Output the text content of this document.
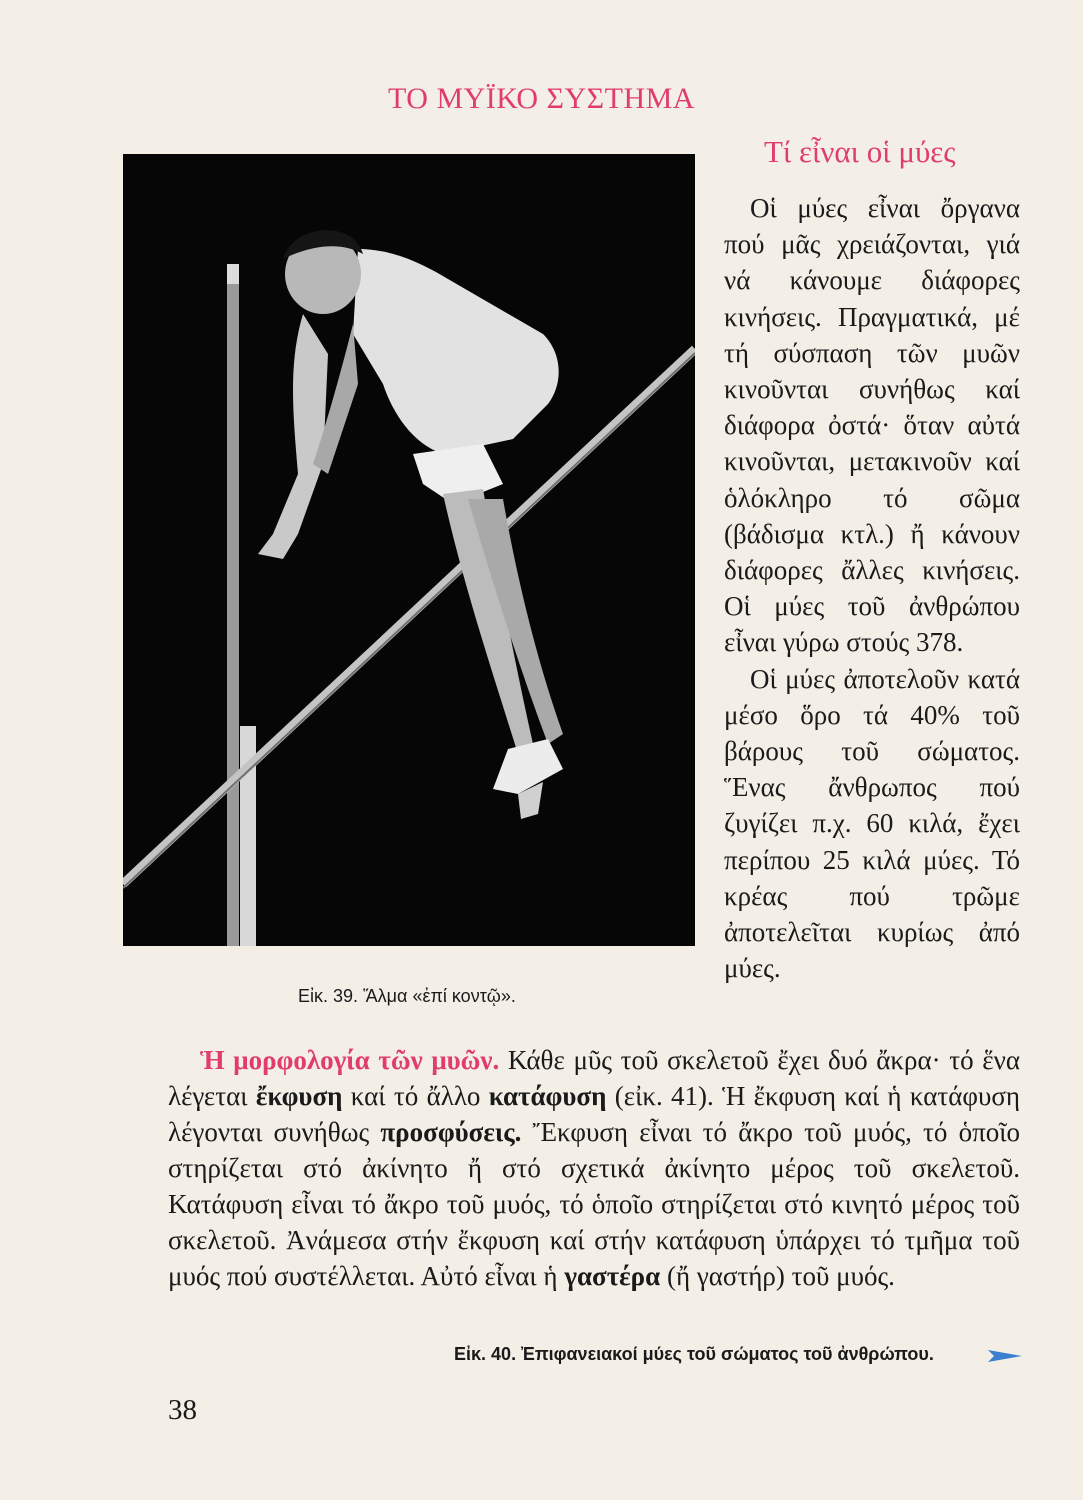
ΤΟ ΜΥΪΚΟ ΣΥΣΤΗΜΑ
Εἰκ. 39. Ἅλμα «ἐπί κοντῷ».
Τί εἶναι οἱ μύες

Οἱ μύες εἶναι ὄργανα πού μᾶς χρειάζονται, γιά νά κάνουμε διάφορες κινήσεις. Πραγματικά, μέ τή σύσπαση τῶν μυῶν κινοῦνται συνήθως καί διάφορα ὀστά· ὅταν αὐτά κινοῦνται, μετακινοῦν καί ὁλόκληρο τό σῶμα (βάδισμα κτλ.) ἤ κάνουν διάφορες ἄλλες κινήσεις. Οἱ μύες τοῦ ἀνθρώπου εἶναι γύρω στούς 378.

Οἱ μύες ἀποτελοῦν κατά μέσο ὅρο τά 40% τοῦ βάρους τοῦ σώματος. Ἕνας ἄνθρωπος πού ζυγίζει π.χ. 60 κιλά, ἔχει περίπου 25 κιλά μύες. Τό κρέας πού τρῶμε ἀποτελεῖται κυρίως ἀπό μύες.

Ἡ μορφολογία τῶν μυῶν. Κάθε μῦς τοῦ σκελετοῦ ἔχει δυό ἄκρα· τό ἕνα λέγεται ἔκφυση καί τό ἄλλο κατάφυση (εἰκ. 41). Ἡ ἔκφυση καί ἡ κατάφυση λέγονται συνήθως προσφύσεις. Ἔκφυση εἶναι τό ἄκρο τοῦ μυός, τό ὁποῖο στηρίζεται στό ἀκίνητο ἤ στό σχετικά ἀκίνητο μέρος τοῦ σκελετοῦ. Κατάφυση εἶναι τό ἄκρο τοῦ μυός, τό ὁποῖο στηρίζεται στό κινητό μέρος τοῦ σκελετοῦ. Ἀνάμεσα στήν ἔκφυση καί στήν κατάφυση ὑπάρχει τό τμῆμα τοῦ μυός πού συστέλλεται. Αὐτό εἶναι ἡ γαστέρα (ἤ γαστήρ) τοῦ μυός.
Εἰκ. 40. Ἐπιφανειακοί μύες τοῦ σώματος τοῦ ἀνθρώπου.
38
